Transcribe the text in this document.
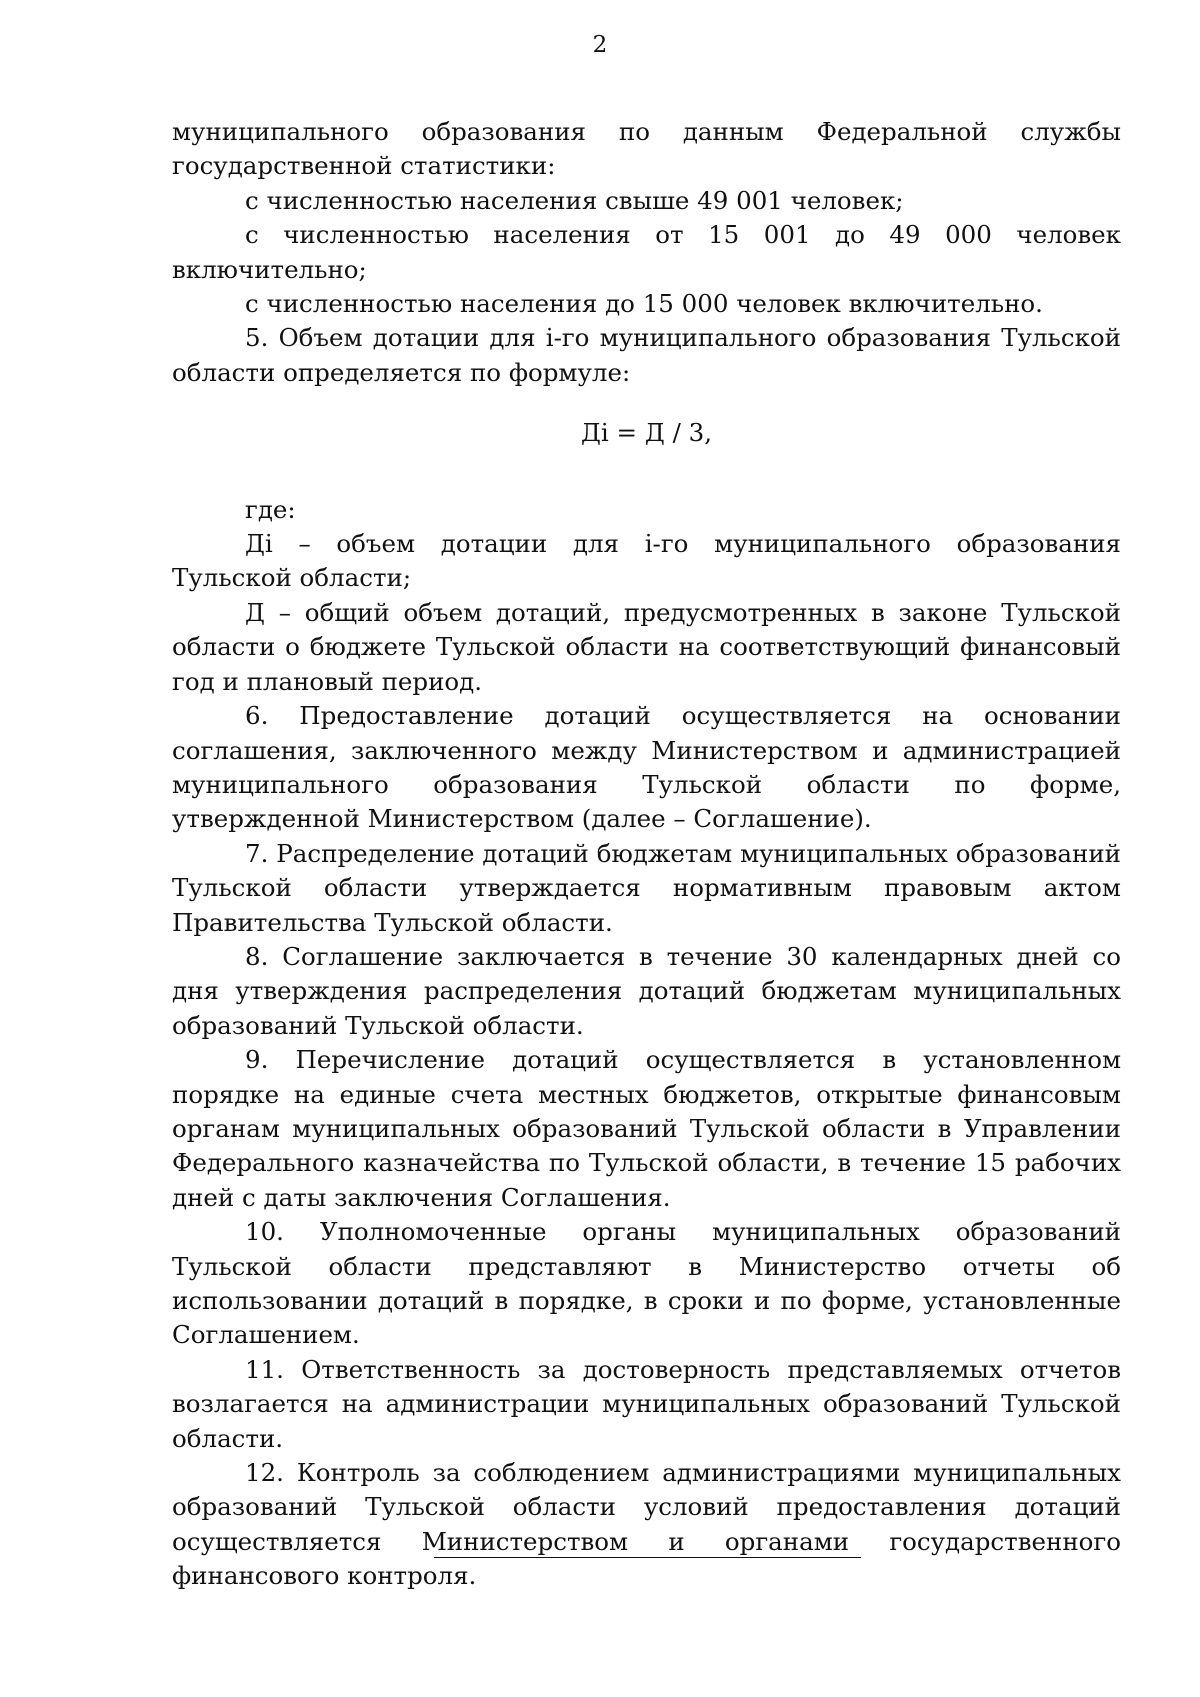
2

муниципального образования по данным Федеральной службы государственной статистики:

с численностью населения свыше 49 001 человек;

с численностью населения от 15 001 до 49 000 человек включительно;

с численностью населения до 15 000 человек включительно.

5. Объем дотации для i-го муниципального образования Тульской области определяется по формуле:

Дi = Д / 3,

где:

Дi – объем дотации для i-го муниципального образования Тульской области;

Д – общий объем дотаций, предусмотренных в законе Тульской области о бюджете Тульской области на соответствующий финансовый год и плановый период.

6. Предоставление дотаций осуществляется на основании соглашения, заключенного между Министерством и администрацией муниципального образования Тульской области по форме, утвержденной Министерством (далее – Соглашение).

7. Распределение дотаций бюджетам муниципальных образований Тульской области утверждается нормативным правовым актом Правительства Тульской области.

8. Соглашение заключается в течение 30 календарных дней со дня утверждения распределения дотаций бюджетам муниципальных образований Тульской области.

9. Перечисление дотаций осуществляется в установленном порядке на единые счета местных бюджетов, открытые финансовым органам муниципальных образований Тульской области в Управлении Федерального казначейства по Тульской области, в течение 15 рабочих дней с даты заключения Соглашения.

10. Уполномоченные органы муниципальных образований Тульской области представляют в Министерство отчеты об использовании дотаций в порядке, в сроки и по форме, установленные Соглашением.

11. Ответственность за достоверность представляемых отчетов возлагается на администрации муниципальных образований Тульской области.

12. Контроль за соблюдением администрациями муниципальных образований Тульской области условий предоставления дотаций осуществляется Министерством и органами государственного финансового контроля.
